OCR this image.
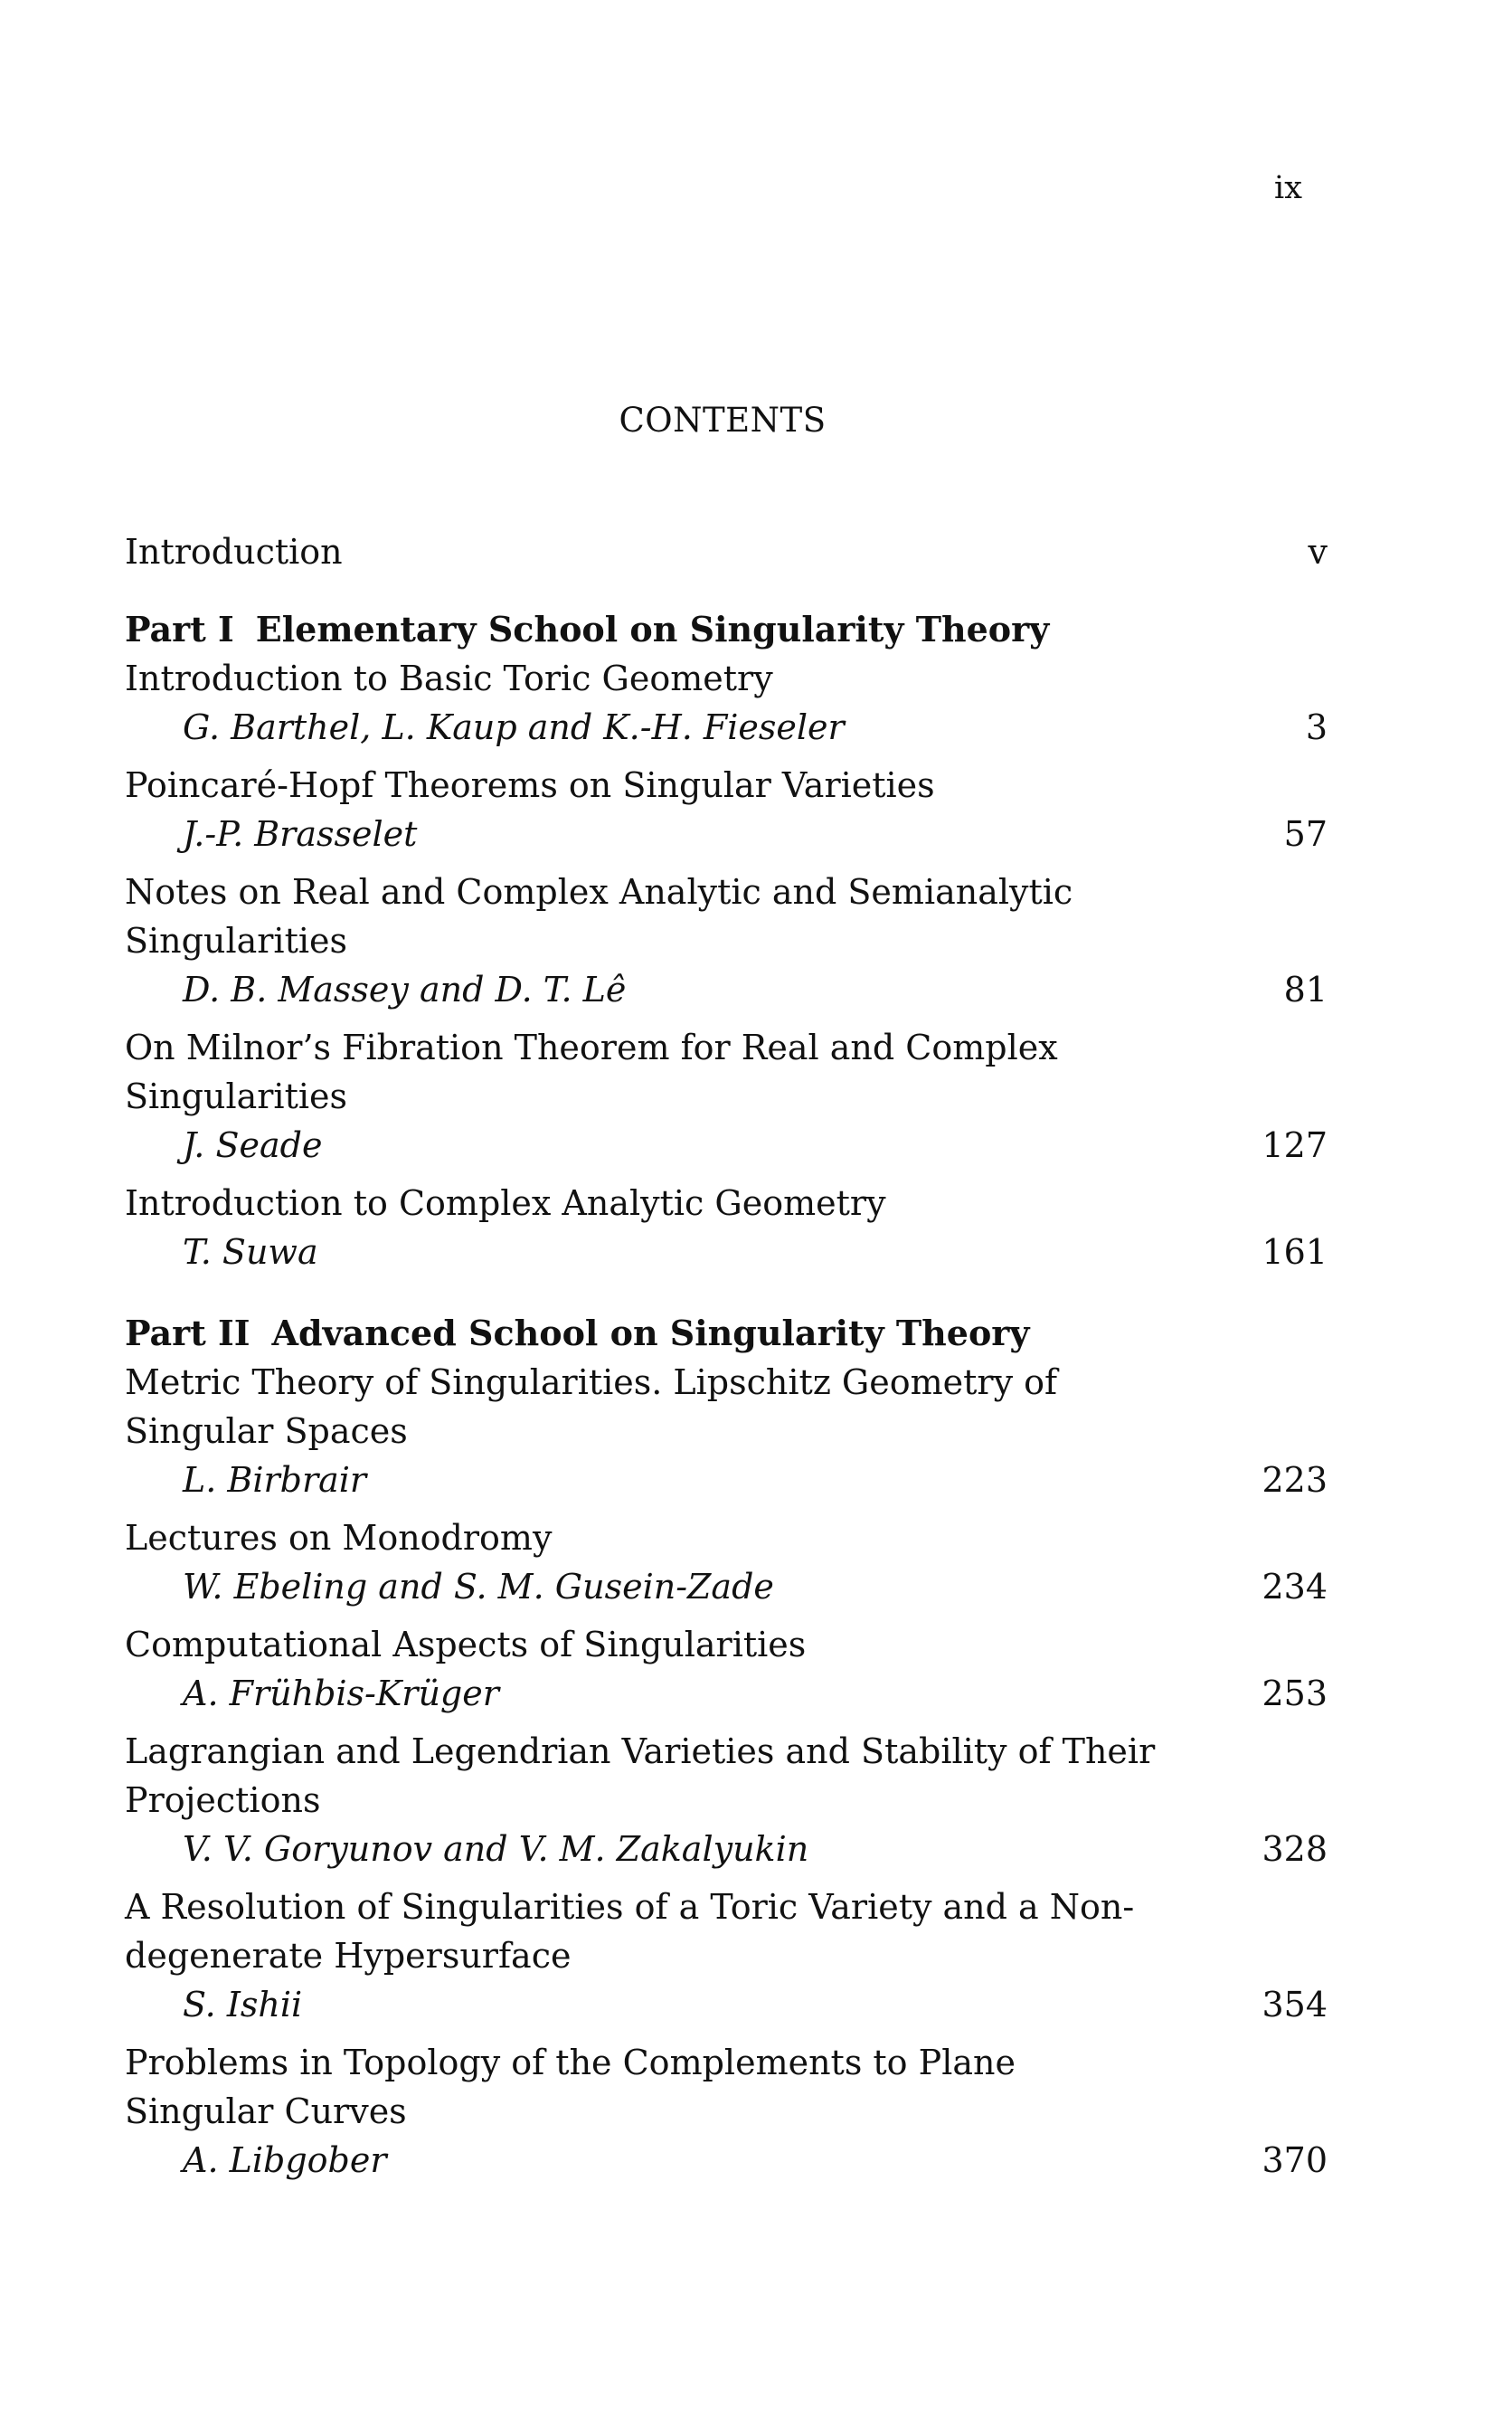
ix
CONTENTS
Introduction	v
Part I Elementary School on Singularity Theory
Introduction to Basic Toric Geometry
G. Barthel, L. Kaup and K.-H. Fieseler	3
Poincaré-Hopf Theorems on Singular Varieties
J.-P. Brasselet	57
Notes on Real and Complex Analytic and Semianalytic Singularities
D. B. Massey and D. T. Lê	81
On Milnor’s Fibration Theorem for Real and Complex Singularities
J. Seade	127
Introduction to Complex Analytic Geometry
T. Suwa	161
Part II Advanced School on Singularity Theory
Metric Theory of Singularities. Lipschitz Geometry of Singular Spaces
L. Birbrair	223
Lectures on Monodromy
W. Ebeling and S. M. Gusein-Zade	234
Computational Aspects of Singularities
A. Frühbis-Krüger	253
Lagrangian and Legendrian Varieties and Stability of Their Projections
V. V. Goryunov and V. M. Zakalyukin	328
A Resolution of Singularities of a Toric Variety and a Non-degenerate Hypersurface
S. Ishii	354
Problems in Topology of the Complements to Plane Singular Curves
A. Libgober	370
